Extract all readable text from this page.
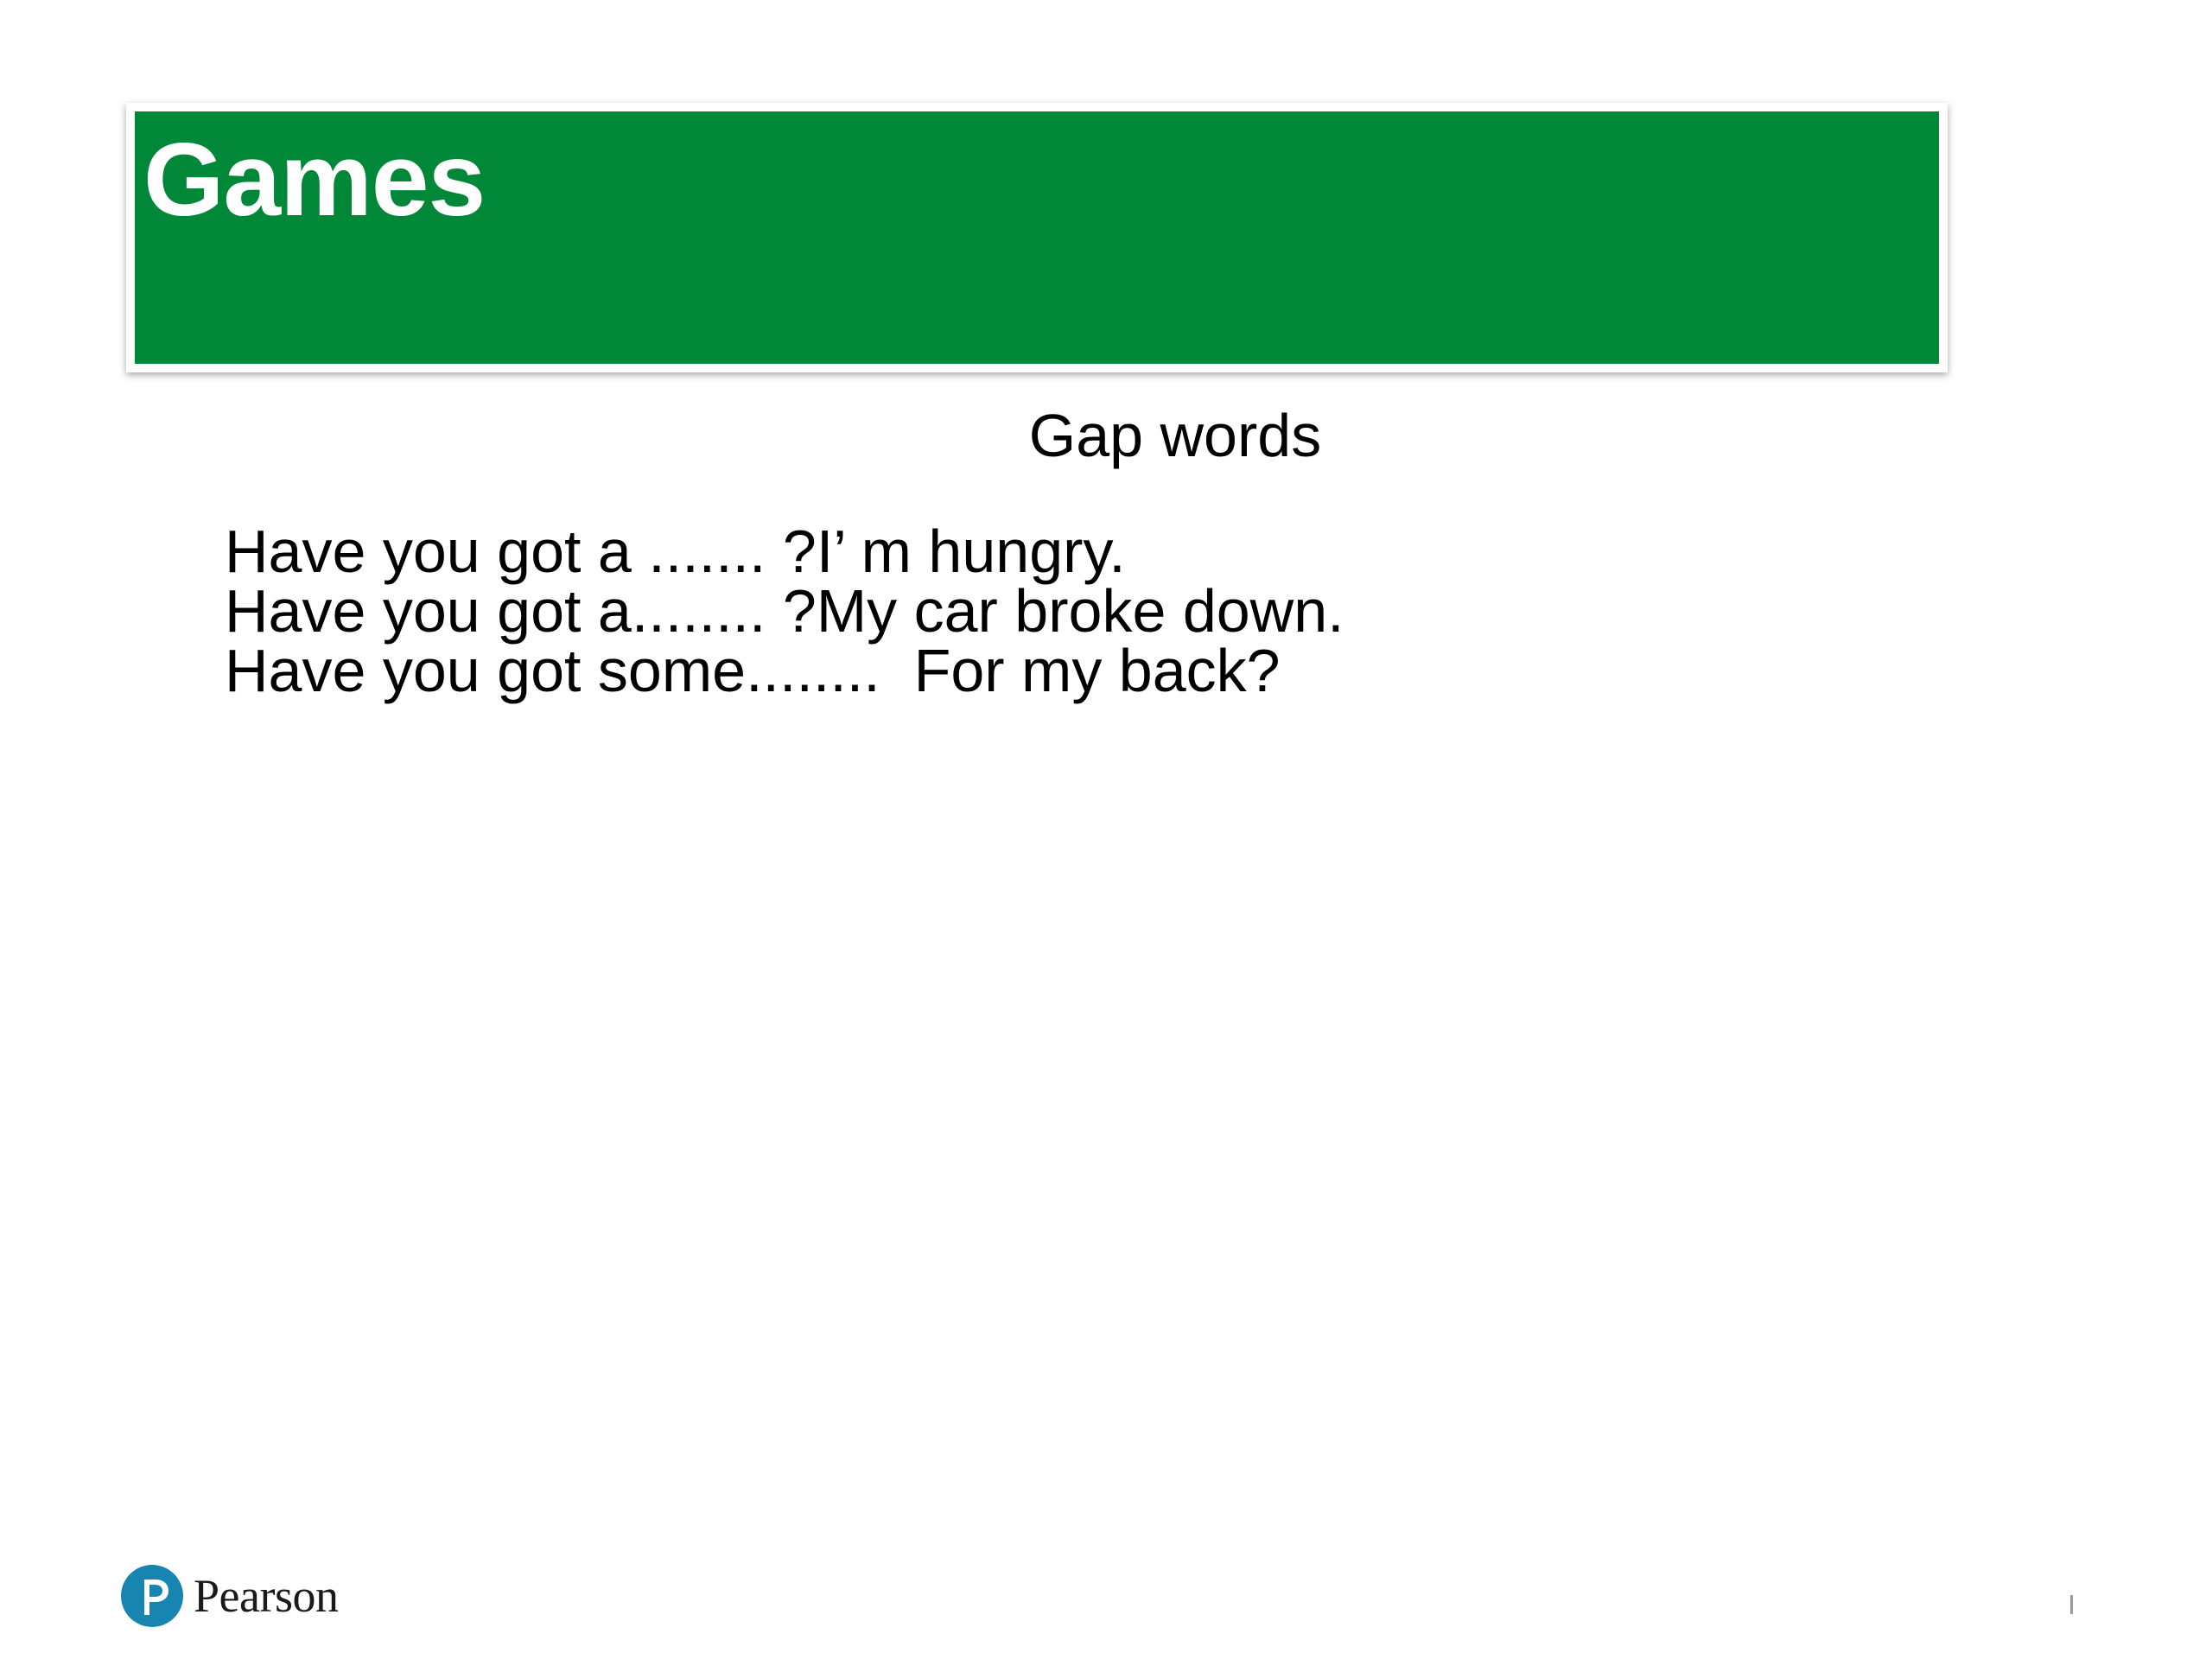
Games
Gap words
Have you got a ....... ?I’ m hungry.
Have you got a........ ?My car broke down.
Have you got some........  For my back?
Pearson
